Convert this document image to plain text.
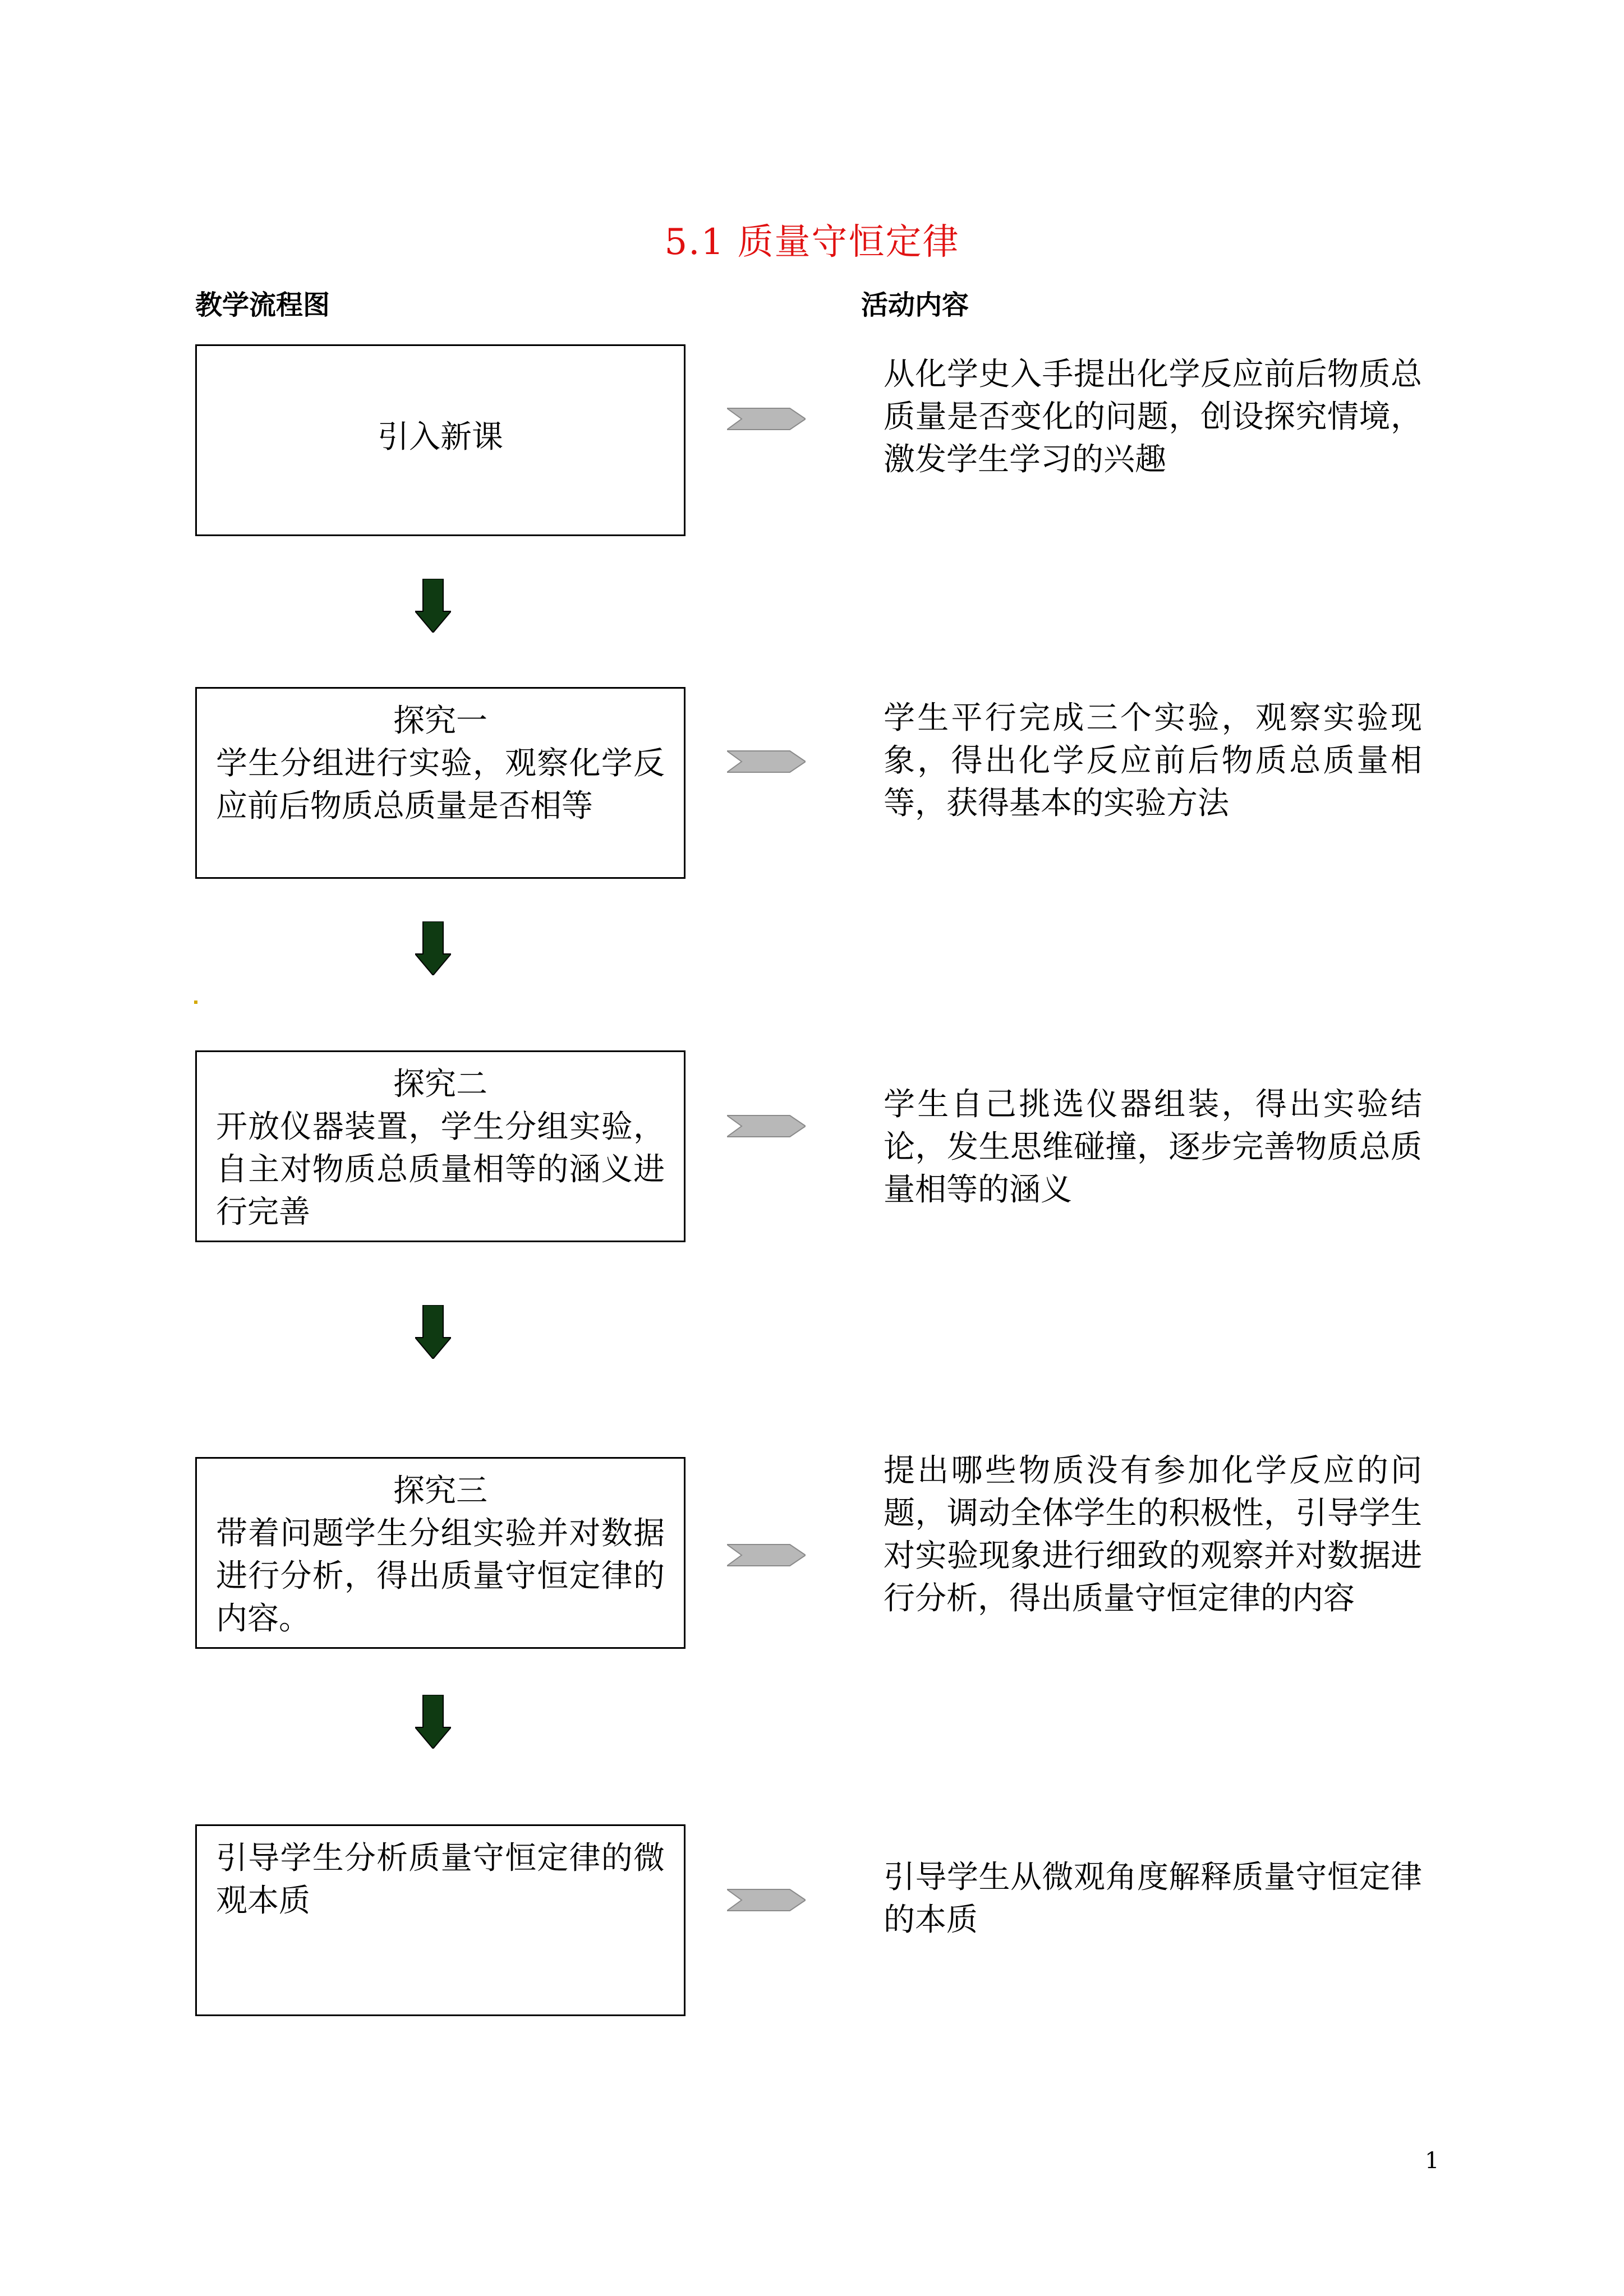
5.1 质量守恒定律
教学流程图	活动内容
引入新课
从化学史入手提出化学反应前后物质总质量是否变化的问题，创设探究情境，激发学生学习的兴趣
探究一
学生分组进行实验，观察化学反应前后物质总质量是否相等
学生平行完成三个实验，观察实验现象，得出化学反应前后物质总质量相等，获得基本的实验方法
探究二
开放仪器装置，学生分组实验，自主对物质总质量相等的涵义进行完善
学生自己挑选仪器组装，得出实验结论，发生思维碰撞，逐步完善物质总质量相等的涵义
探究三
带着问题学生分组实验并对数据进行分析，得出质量守恒定律的内容。
提出哪些物质没有参加化学反应的问题，调动全体学生的积极性，引导学生对实验现象进行细致的观察并对数据进行分析，得出质量守恒定律的内容
引导学生分析质量守恒定律的微观本质
引导学生从微观角度解释质量守恒定律的本质
1
